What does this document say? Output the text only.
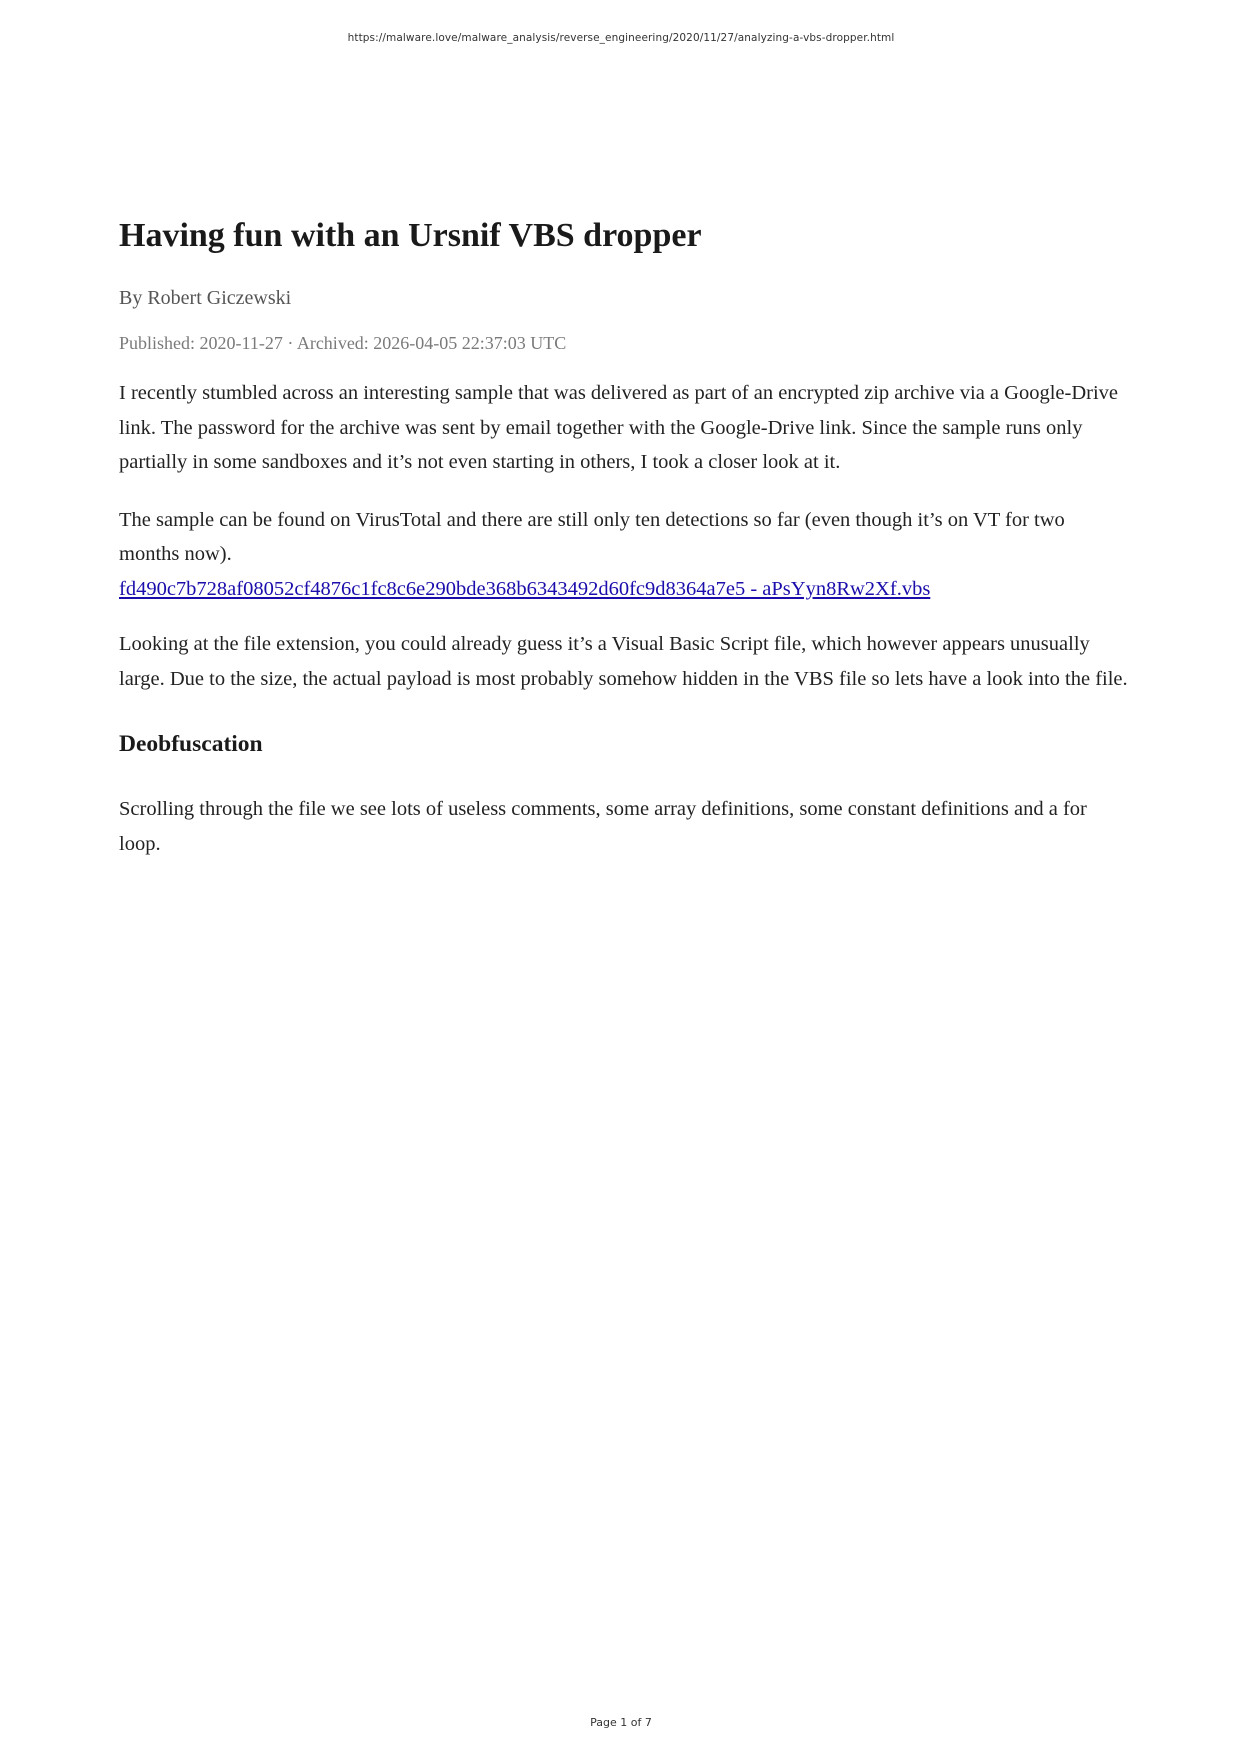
https://malware.love/malware_analysis/reverse_engineering/2020/11/27/analyzing-a-vbs-dropper.html
Having fun with an Ursnif VBS dropper

By Robert Giczewski

Published: 2020-11-27 · Archived: 2026-04-05 22:37:03 UTC

I recently stumbled across an interesting sample that was delivered as part of an encrypted zip archive via a Google-Drive link. The password for the archive was sent by email together with the Google-Drive link. Since the sample runs only partially in some sandboxes and it’s not even starting in others, I took a closer look at it.

The sample can be found on VirusTotal and there are still only ten detections so far (even though it’s on VT for two months now).
fd490c7b728af08052cf4876c1fc8c6e290bde368b6343492d60fc9d8364a7e5 - aPsYyn8Rw2Xf.vbs

Looking at the file extension, you could already guess it’s a Visual Basic Script file, which however appears unusually large. Due to the size, the actual payload is most probably somehow hidden in the VBS file so lets have a look into the file.

Deobfuscation

Scrolling through the file we see lots of useless comments, some array definitions, some constant definitions and a for loop.

Page 1 of 7
